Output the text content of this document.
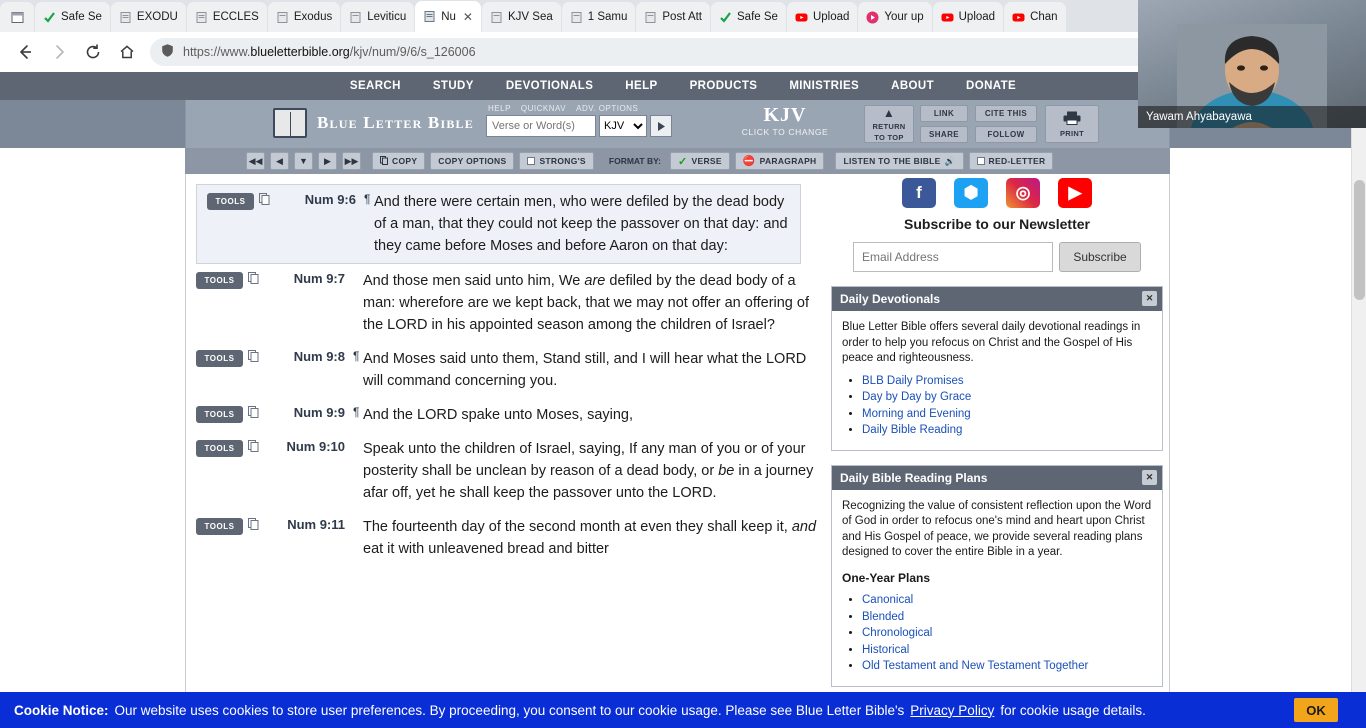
Safe Se	EXODU	ECCLES	Exodus	Leviticu	Nu ✕	KJV Sea	1 Samu	Post Att	Safe Se	Upload	Your up	Upload	Chan
https://www.blueletterbible.org/kjv/num/9/6/s_126006
SEARCH	STUDY	DEVOTIONALS	HELP	PRODUCTS	MINISTRIES	ABOUT	DONATE
Blue Letter Bible
HELP QUICKNAV ADV. OPTIONS
Verse or Word(s)
KJV	KJV
CLICK TO CHANGE
▲
RETURN
TO TOP
LINK	CITE THIS
SHARE	FOLLOW	PRINT
◀◀	◀	▼	▶	▶▶	COPY COPY OPTIONS	STRONG'S	FORMAT BY:	✓ VERSE ⛔ PARAGRAPH	LISTEN TO THE BIBLE 🔊	RED-LETTER
TOOLS	Num 9:6 ¶ And there were certain men, who were defiled by the dead body of a man, that they could not keep the passover on that day: and they came before Moses and before Aaron on that day:
TOOLS	Num 9:7 And those men said unto him, We are defiled by the dead body of a man: wherefore are we kept back, that we may not offer an offering of the LORD in his appointed season among the children of Israel?
TOOLS	Num 9:8 ¶ And Moses said unto them, Stand still, and I will hear what the LORD will command concerning you.
TOOLS	Num 9:9 ¶ And the LORD spake unto Moses, saying,
TOOLS	Num 9:10 Speak unto the children of Israel, saying, If any man of you or of your posterity shall be unclean by reason of a dead body, or be in a journey afar off, yet he shall keep the passover unto the LORD.
TOOLS	Num 9:11 The fourteenth day of the second month at even they shall keep it, and eat it with unleavened bread and bitter
f	⬢	◎	▶
Subscribe to our Newsletter
Email Address
Subscribe
Daily Devotionals	✕
Blue Letter Bible offers several daily devotional readings in order to help you refocus on Christ and the Gospel of His peace and righteousness.
• BLB Daily Promises
• Day by Day by Grace
• Morning and Evening
• Daily Bible Reading
Daily Bible Reading Plans	✕
Recognizing the value of consistent reflection upon the Word of God in order to refocus one's mind and heart upon Christ and His Gospel of peace, we provide several reading plans designed to cover the entire Bible in a year.
One-Year Plans
• Canonical
• Blended
• Chronological
• Historical
• Old Testament and New Testament Together
Cookie Notice: Our website uses cookies to store user preferences. By proceeding, you consent to our cookie usage. Please see Blue Letter Bible's Privacy Policy for cookie usage details.	OK
Yawam Ahyabayawa
